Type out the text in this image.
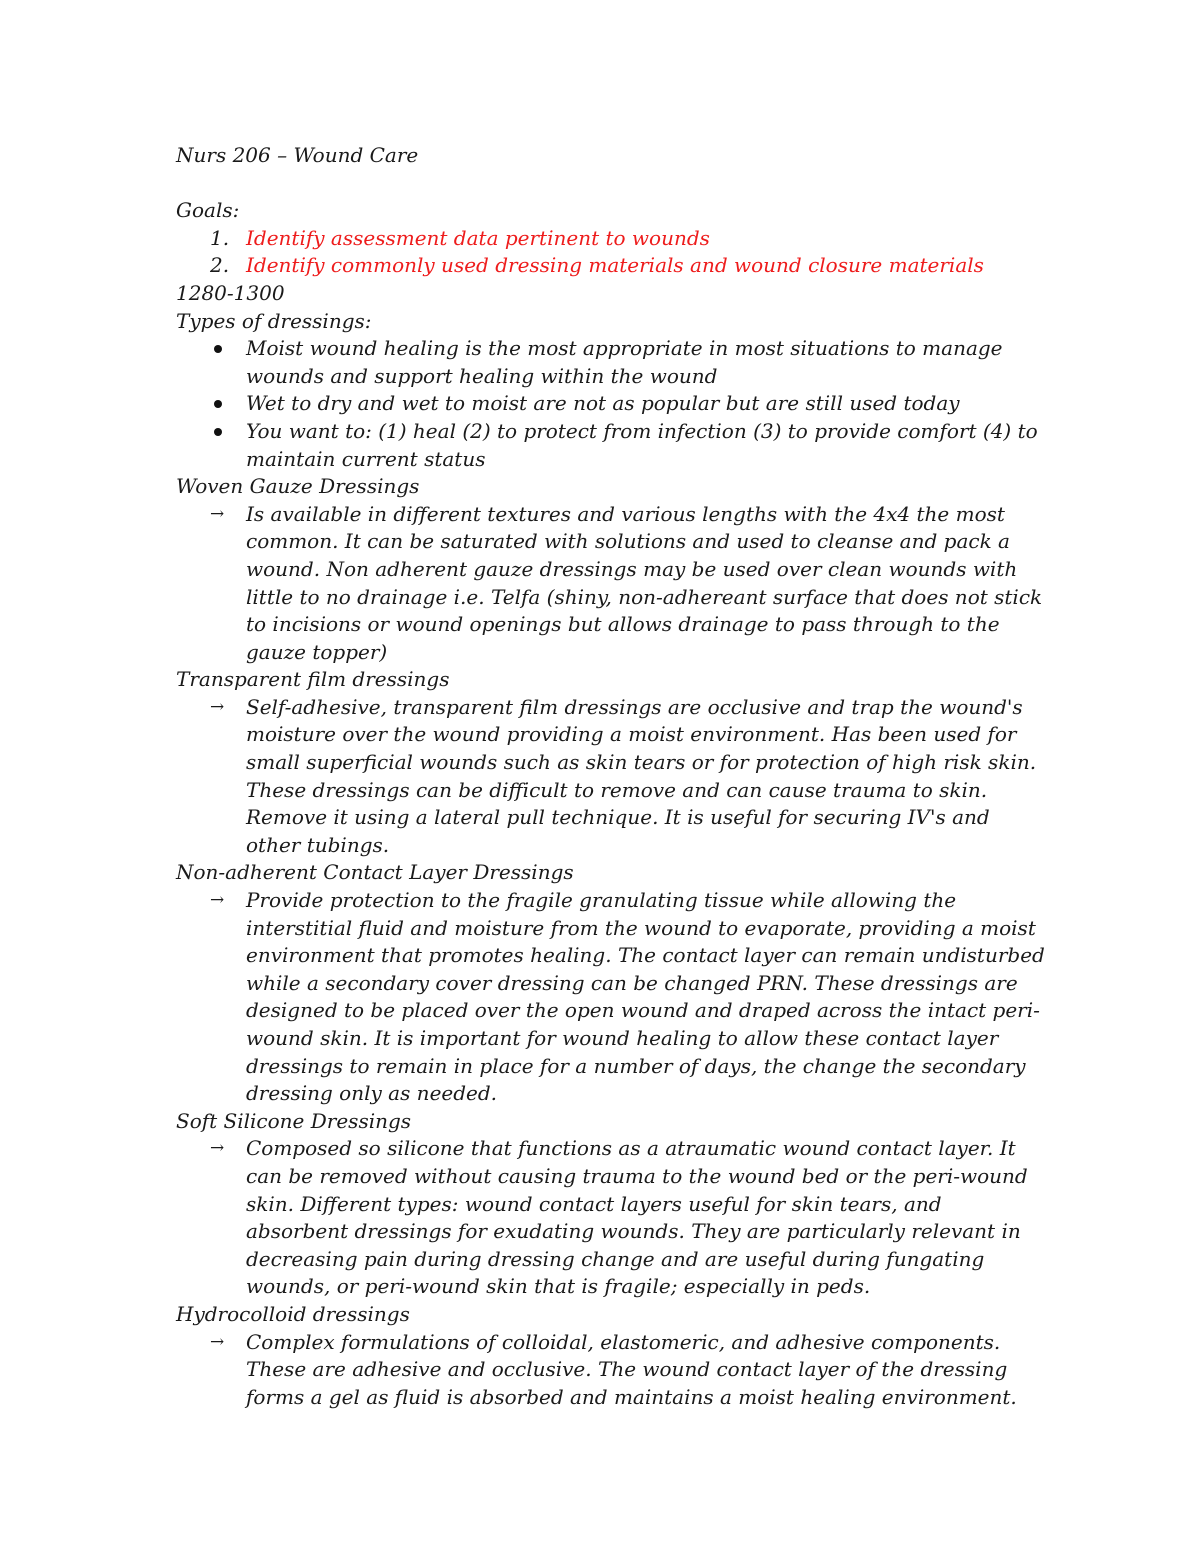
Nurs 206 – Wound Care

Goals:

1. Identify assessment data pertinent to wounds
2. Identify commonly used dressing materials and wound closure materials

1280-1300

Types of dressings:

Moist wound healing is the most appropriate in most situations to manage wounds and support healing within the wound
Wet to dry and wet to moist are not as popular but are still used today
You want to: (1) heal (2) to protect from infection (3) to provide comfort (4) to maintain current status

Woven Gauze Dressings

→ Is available in different textures and various lengths with the 4x4 the most common. It can be saturated with solutions and used to cleanse and pack a wound. Non adherent gauze dressings may be used over clean wounds with little to no drainage i.e. Telfa (shiny, non-adhereant surface that does not stick to incisions or wound openings but allows drainage to pass through to the gauze topper)

Transparent film dressings

→ Self-adhesive, transparent film dressings are occlusive and trap the wound's moisture over the wound providing a moist environment. Has been used for small superficial wounds such as skin tears or for protection of high risk skin. These dressings can be difficult to remove and can cause trauma to skin. Remove it using a lateral pull technique. It is useful for securing IV's and other tubings.

Non-adherent Contact Layer Dressings

→ Provide protection to the fragile granulating tissue while allowing the interstitial fluid and moisture from the wound to evaporate, providing a moist environment that promotes healing. The contact layer can remain undisturbed while a secondary cover dressing can be changed PRN. These dressings are designed to be placed over the open wound and draped across the intact peri-wound skin. It is important for wound healing to allow these contact layer dressings to remain in place for a number of days, the change the secondary dressing only as needed.

Soft Silicone Dressings

→ Composed so silicone that functions as a atraumatic wound contact layer. It can be removed without causing trauma to the wound bed or the peri-wound skin. Different types: wound contact layers useful for skin tears, and absorbent dressings for exudating wounds. They are particularly relevant in decreasing pain during dressing change and are useful during fungating wounds, or peri-wound skin that is fragile; especially in peds.

Hydrocolloid dressings

→ Complex formulations of colloidal, elastomeric, and adhesive components. These are adhesive and occlusive. The wound contact layer of the dressing forms a gel as fluid is absorbed and maintains a moist healing environment.
